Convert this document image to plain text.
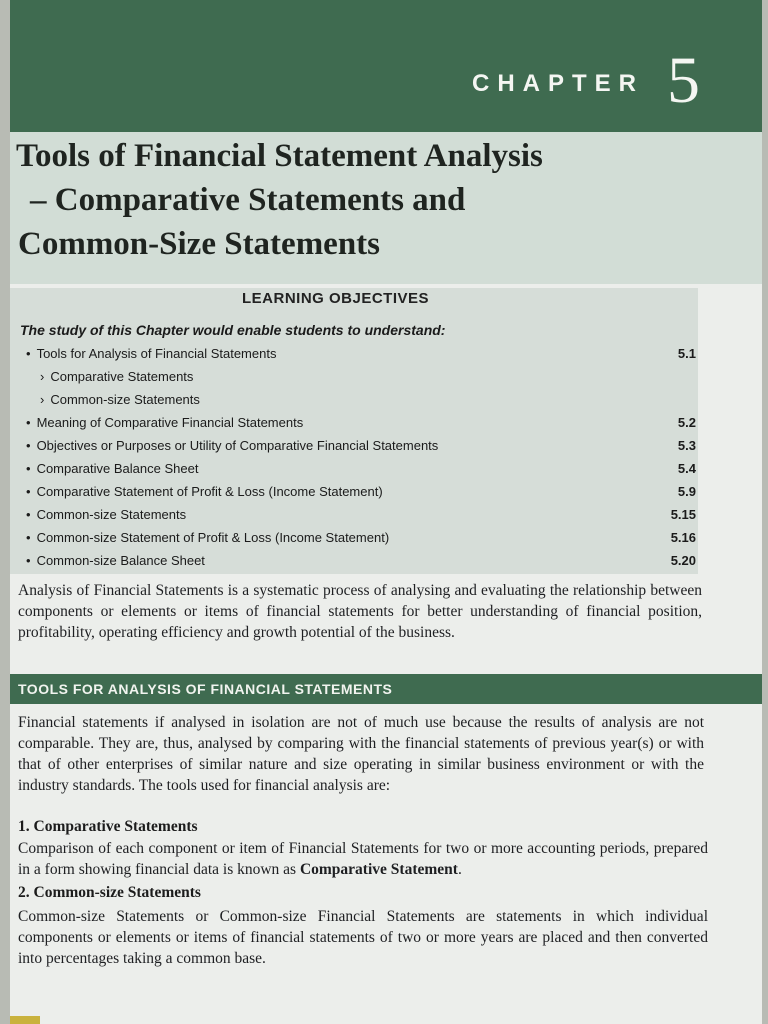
CHAPTER 5
Tools of Financial Statement Analysis
– Comparative Statements and
Common-Size Statements
LEARNING OBJECTIVES
The study of this Chapter would enable students to understand:
• Tools for Analysis of Financial Statements	5.1
› Comparative Statements
› Common-size Statements
• Meaning of Comparative Financial Statements	5.2
• Objectives or Purposes or Utility of Comparative Financial Statements	5.3
• Comparative Balance Sheet	5.4
• Comparative Statement of Profit & Loss (Income Statement)	5.9
• Common-size Statements	5.15
• Common-size Statement of Profit & Loss (Income Statement)	5.16
• Common-size Balance Sheet	5.20
Analysis of Financial Statements is a systematic process of analysing and evaluating the relationship between components or elements or items of financial statements for better understanding of financial position, profitability, operating efficiency and growth potential of the business.
TOOLS FOR ANALYSIS OF FINANCIAL STATEMENTS
Financial statements if analysed in isolation are not of much use because the results of analysis are not comparable. They are, thus, analysed by comparing with the financial statements of previous year(s) or with that of other enterprises of similar nature and size operating in similar business environment or with the industry standards. The tools used for financial analysis are:
1. Comparative Statements
Comparison of each component or item of Financial Statements for two or more accounting periods, prepared in a form showing financial data is known as Comparative Statement.
2. Common-size Statements
Common-size Statements or Common-size Financial Statements are statements in which individual components or elements or items of financial statements of two or more years are placed and then converted into percentages taking a common base.
